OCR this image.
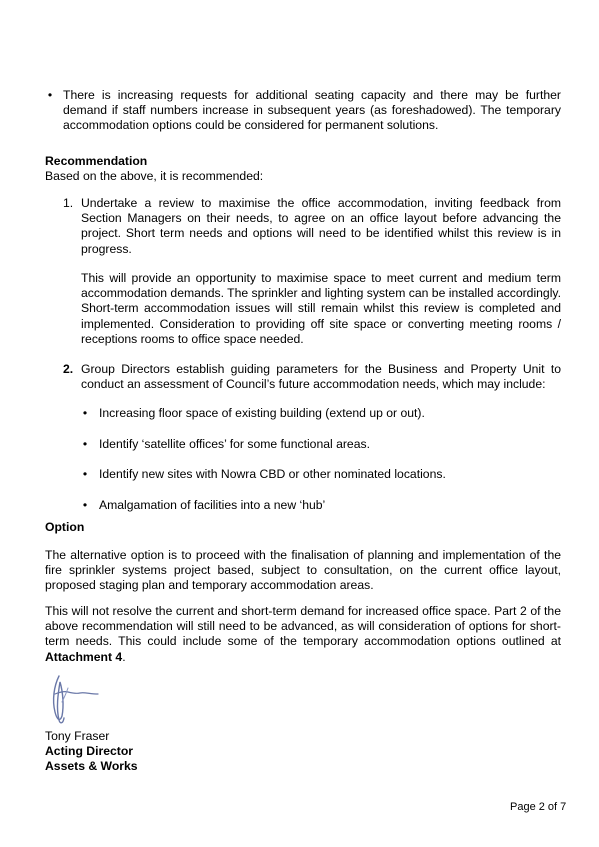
• There is increasing requests for additional seating capacity and there may be further demand if staff numbers increase in subsequent years (as foreshadowed). The temporary accommodation options could be considered for permanent solutions.

Recommendation

Based on the above, it is recommended:

1. Undertake a review to maximise the office accommodation, inviting feedback from Section Managers on their needs, to agree on an office layout before advancing the project. Short term needs and options will need to be identified whilst this review is in progress.

This will provide an opportunity to maximise space to meet current and medium term accommodation demands. The sprinkler and lighting system can be installed accordingly. Short-term accommodation issues will still remain whilst this review is completed and implemented. Consideration to providing off site space or converting meeting rooms / receptions rooms to office space needed.

2. Group Directors establish guiding parameters for the Business and Property Unit to conduct an assessment of Council’s future accommodation needs, which may include:

• Increasing floor space of existing building (extend up or out).

• Identify ‘satellite offices’ for some functional areas.

• Identify new sites with Nowra CBD or other nominated locations.

• Amalgamation of facilities into a new ‘hub’

Option

The alternative option is to proceed with the finalisation of planning and implementation of the fire sprinkler systems project based, subject to consultation, on the current office layout, proposed staging plan and temporary accommodation areas.

This will not resolve the current and short-term demand for increased office space. Part 2 of the above recommendation will still need to be advanced, as will consideration of options for short-term needs. This could include some of the temporary accommodation options outlined at Attachment 4.

Tony Fraser

Acting Director

Assets & Works

Page 2 of 7
